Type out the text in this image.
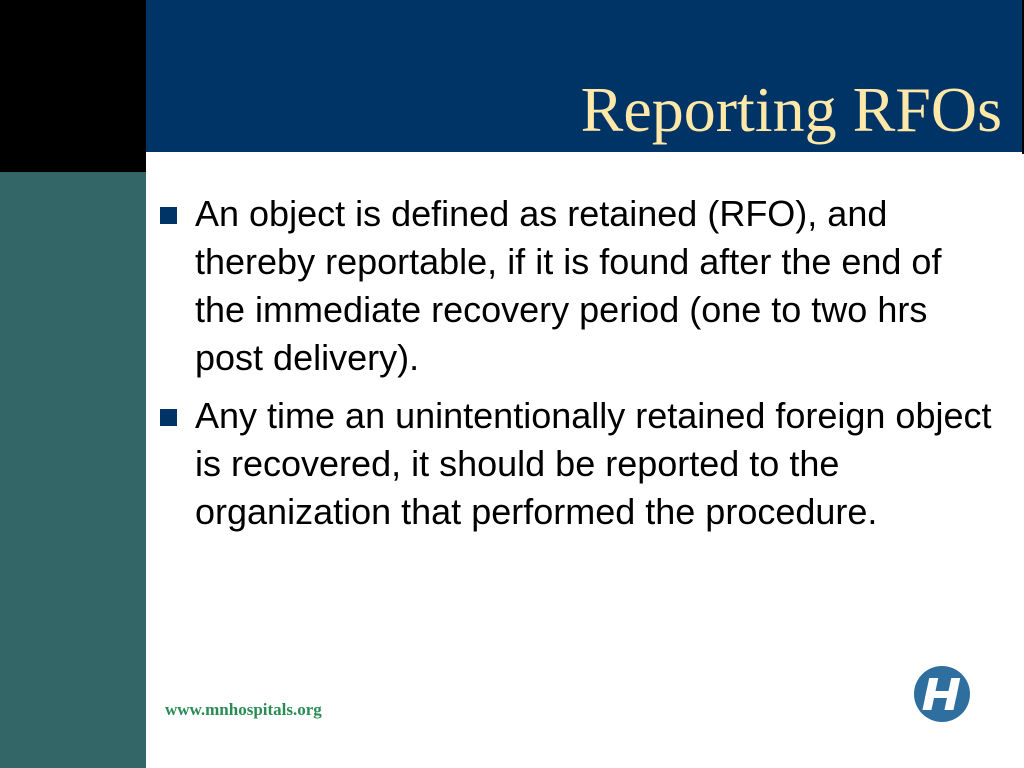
Reporting RFOs
An object is defined as retained (RFO), and thereby reportable, if it is found after the end of the immediate recovery period (one to two hrs post delivery).
Any time an unintentionally retained foreign object is recovered, it should be reported to the organization that performed the procedure.
www.mnhospitals.org
